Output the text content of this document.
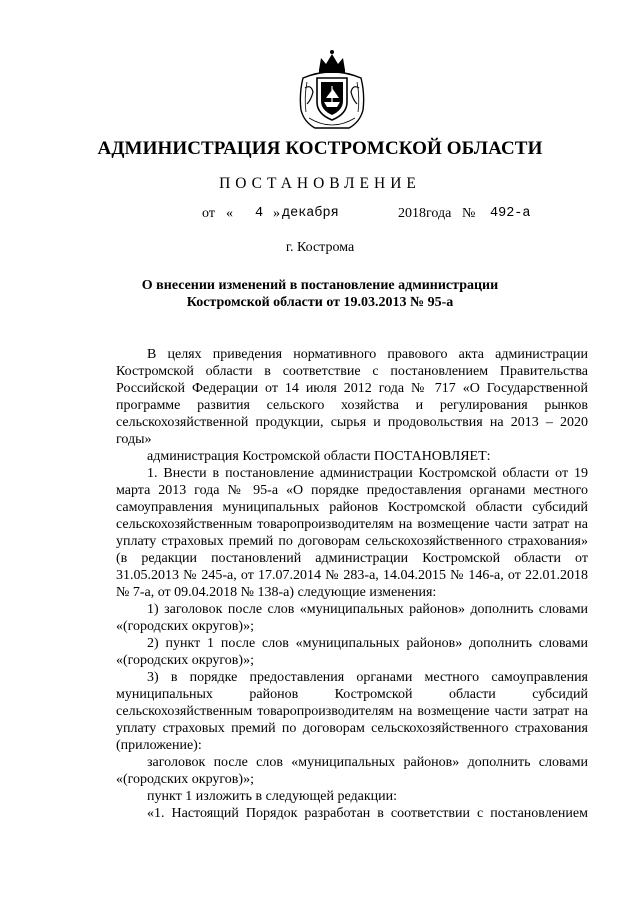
АДМИНИСТРАЦИЯ КОСТРОМСКОЙ ОБЛАСТИ
ПОСТАНОВЛЕНИЕ
от « 4 » декабря	2018года № 492-а
г. Кострома
О внесении изменений в постановление администрации
Костромской области от 19.03.2013 № 95-а

В целях приведения нормативного правового акта администрации Костромской области в соответствие с постановлением Правительства Российской Федерации от 14 июля 2012 года № 717 «О Государственной программе развития сельского хозяйства и регулирования рынков сельскохозяйственной продукции, сырья и продовольствия на 2013 – 2020 годы»

администрация Костромской области ПОСТАНОВЛЯЕТ:

1. Внести в постановление администрации Костромской области от 19 марта 2013 года № 95-а «О порядке предоставления органами местного самоуправления муниципальных районов Костромской области субсидий сельскохозяйственным товаропроизводителям на возмещение части затрат на уплату страховых премий по договорам сельскохозяйственного страхования» (в редакции постановлений администрации Костромской области от 31.05.2013 № 245-а, от 17.07.2014 № 283-а, 14.04.2015 № 146-а, от 22.01.2018 № 7-а, от 09.04.2018 № 138-а) следующие изменения:

1) заголовок после слов «муниципальных районов» дополнить словами «(городских округов)»;

2) пункт 1 после слов «муниципальных районов» дополнить словами «(городских округов)»;

3) в порядке предоставления органами местного самоуправления муниципальных районов Костромской области субсидий сельскохозяйственным товаропроизводителям на возмещение части затрат на уплату страховых премий по договорам сельскохозяйственного страхования (приложение):

заголовок после слов «муниципальных районов» дополнить словами «(городских округов)»;

пункт 1 изложить в следующей редакции:

«1. Настоящий Порядок разработан в соответствии с постановлением
